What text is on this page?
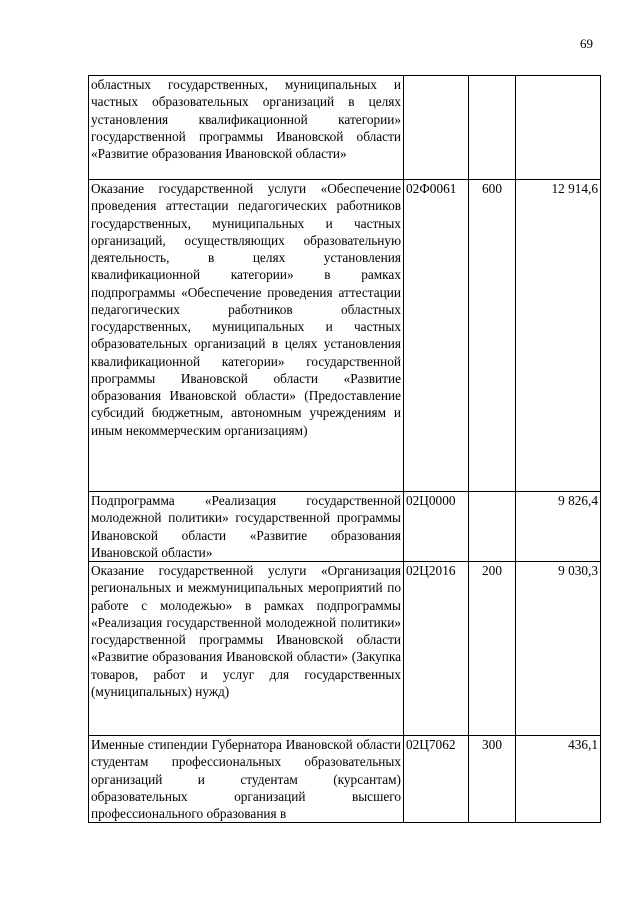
69
областных государственных, муниципальных и частных образовательных организаций в целях установления квалификационной категории» государственной программы Ивановской области «Развитие образования Ивановской области»			
Оказание государственной услуги «Обеспечение проведения аттестации педагогических работников государственных, муниципальных и частных организаций, осуществляющих образовательную деятельность, в целях установления квалификационной категории» в рамках подпрограммы «Обеспечение проведения аттестации педагогических работников областных государственных, муниципальных и частных образовательных организаций в целях установления квалификационной категории» государственной программы Ивановской области «Развитие образования Ивановской области» (Предоставление субсидий бюджетным, автономным учреждениям и иным некоммерческим организациям)	02Ф0061	600	12 914,6
Подпрограмма «Реализация государственной молодежной политики» государственной программы Ивановской области «Развитие образования Ивановской области»	02Ц0000		9 826,4
Оказание государственной услуги «Организация региональных и межмуниципальных мероприятий по работе с молодежью» в рамках подпрограммы «Реализация государственной молодежной политики» государственной программы Ивановской области «Развитие образования Ивановской области» (Закупка товаров, работ и услуг для государственных (муниципальных) нужд)	02Ц2016	200	9 030,3
Именные стипендии Губернатора Ивановской области студентам профессиональных образовательных организаций и студентам (курсантам) образовательных организаций высшего профессионального образования в	02Ц7062	300	436,1
